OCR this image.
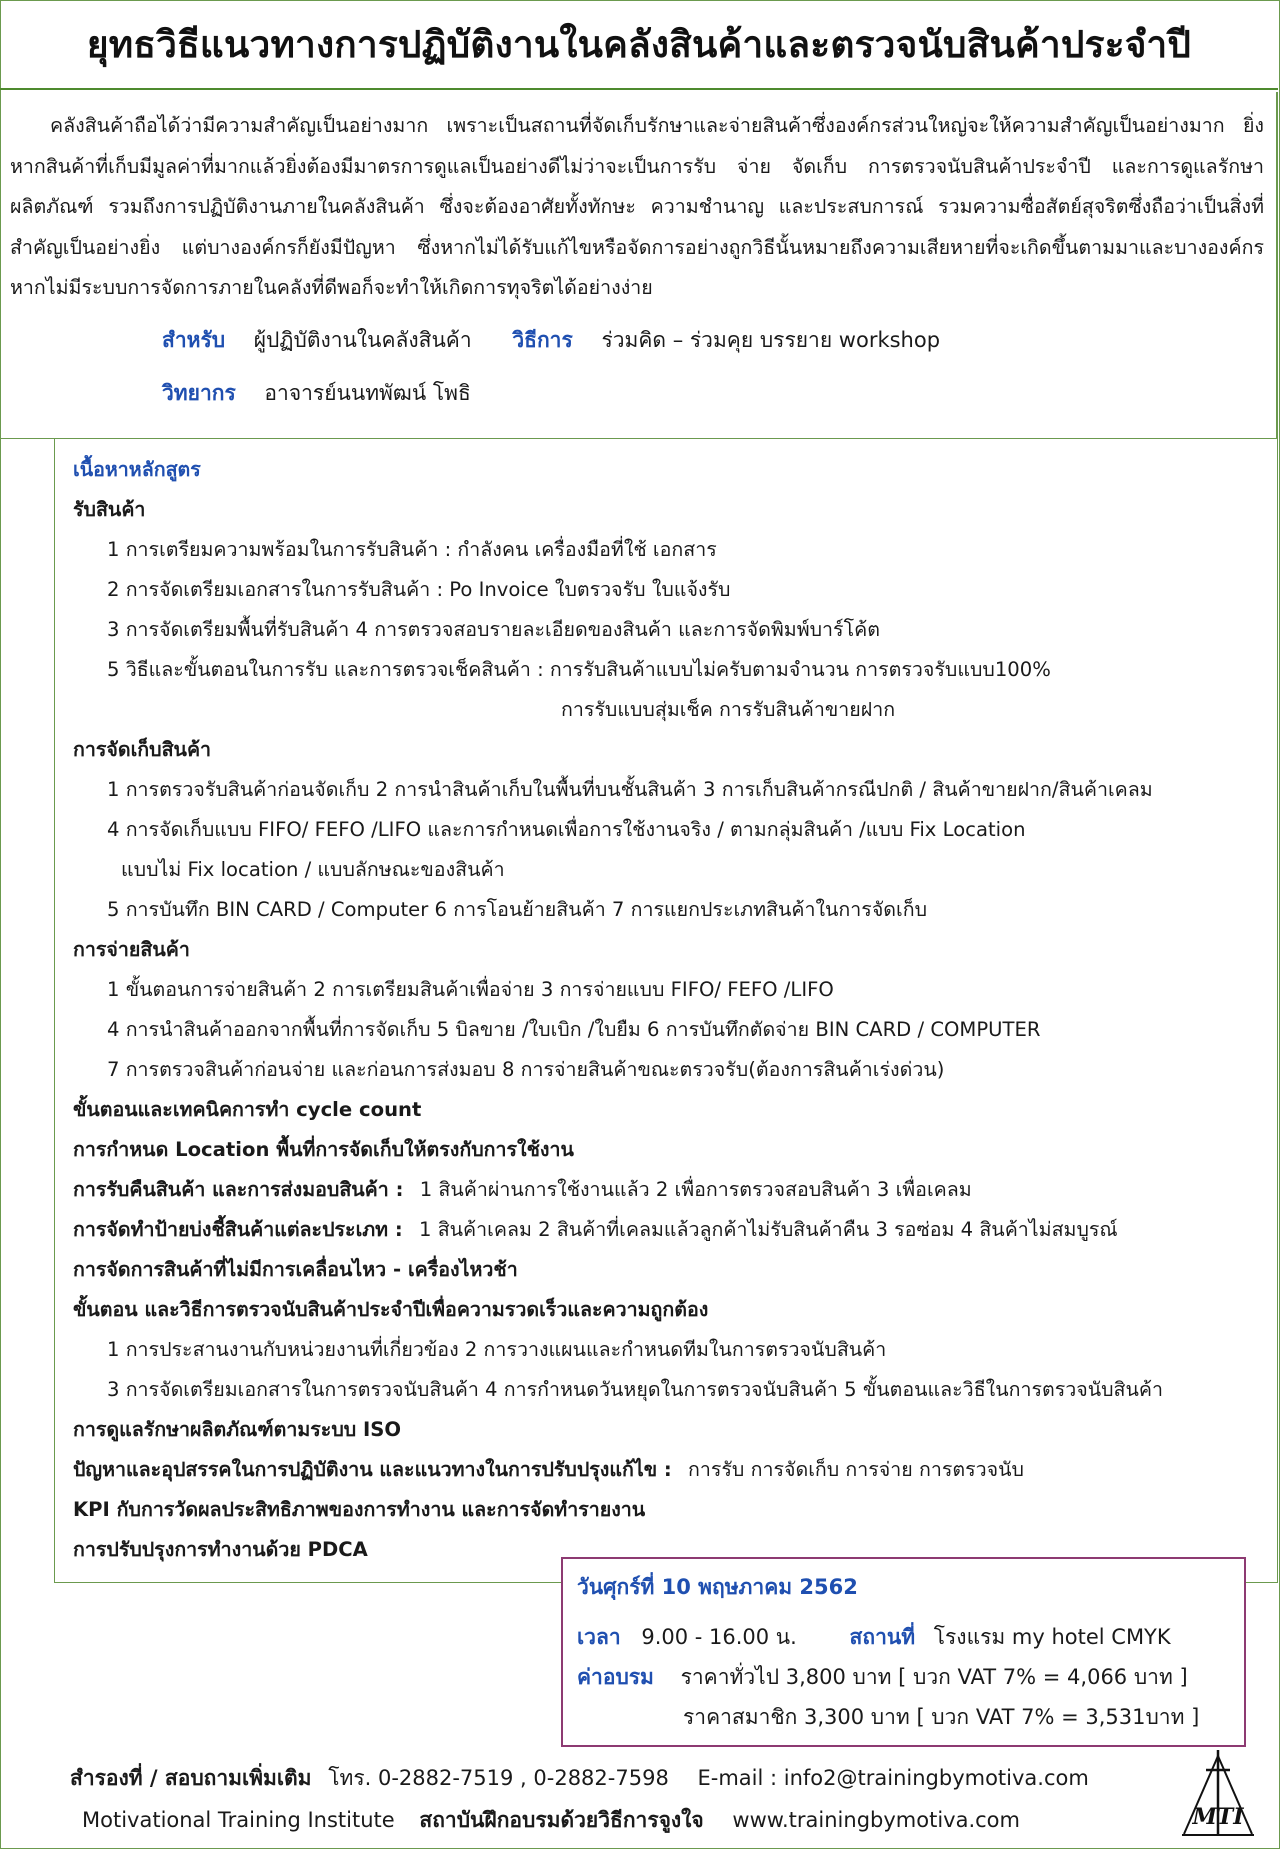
ยุทธวิธีแนวทางการปฏิบัติงานในคลังสินค้าและตรวจนับสินค้าประจำปี

คลังสินค้าถือได้ว่ามีความสำคัญเป็นอย่างมาก เพราะเป็นสถานที่จัดเก็บรักษาและจ่ายสินค้าซึ่งองค์กรส่วนใหญ่จะให้ความสำคัญเป็นอย่างมาก ยิ่งหากสินค้าที่เก็บมีมูลค่าที่มากแล้วยิ่งต้องมีมาตรการดูแลเป็นอย่างดีไม่ว่าจะเป็นการรับ จ่าย จัดเก็บ การตรวจนับสินค้าประจำปี และการดูแลรักษาผลิตภัณฑ์ รวมถึงการปฏิบัติงานภายในคลังสินค้า ซึ่งจะต้องอาศัยทั้งทักษะ ความชำนาญ และประสบการณ์ รวมความซื่อสัตย์สุจริตซึ่งถือว่าเป็นสิ่งที่สำคัญเป็นอย่างยิ่ง แต่บางองค์กรก็ยังมีปัญหา ซึ่งหากไม่ได้รับแก้ไขหรือจัดการอย่างถูกวิธีนั้นหมายถึงความเสียหายที่จะเกิดขึ้นตามมาและบางองค์กรหากไม่มีระบบการจัดการภายในคลังที่ดีพอก็จะทำให้เกิดการทุจริตได้อย่างง่าย

สำหรับ ผู้ปฏิบัติงานในคลังสินค้า วิธีการ ร่วมคิด – ร่วมคุย บรรยาย workshop
วิทยากร อาจารย์นนทพัฒน์ โพธิ
เนื้อหาหลักสูตร
รับสินค้า
1 การเตรียมความพร้อมในการรับสินค้า : กำลังคน เครื่องมือที่ใช้ เอกสาร
2 การจัดเตรียมเอกสารในการรับสินค้า : Po Invoice ใบตรวจรับ ใบแจ้งรับ
3 การจัดเตรียมพื้นที่รับสินค้า 4 การตรวจสอบรายละเอียดของสินค้า และการจัดพิมพ์บาร์โค้ต
5 วิธีและขั้นตอนในการรับ และการตรวจเช็คสินค้า : การรับสินค้าแบบไม่ครับตามจำนวน การตรวจรับแบบ100%
การรับแบบสุ่มเช็ค การรับสินค้าขายฝาก
การจัดเก็บสินค้า
1 การตรวจรับสินค้าก่อนจัดเก็บ 2 การนำสินค้าเก็บในพื้นที่บนชั้นสินค้า 3 การเก็บสินค้ากรณีปกติ / สินค้าขายฝาก/สินค้าเคลม
4 การจัดเก็บแบบ FIFO/ FEFO /LIFO และการกำหนดเพื่อการใช้งานจริง / ตามกลุ่มสินค้า /แบบ Fix Location
แบบไม่ Fix location / แบบลักษณะของสินค้า
5 การบันทึก BIN CARD / Computer 6 การโอนย้ายสินค้า 7 การแยกประเภทสินค้าในการจัดเก็บ
การจ่ายสินค้า
1 ขั้นตอนการจ่ายสินค้า 2 การเตรียมสินค้าเพื่อจ่าย 3 การจ่ายแบบ FIFO/ FEFO /LIFO
4 การนำสินค้าออกจากพื้นที่การจัดเก็บ 5 บิลขาย /ใบเบิก /ใบยืม 6 การบันทึกตัดจ่าย BIN CARD / COMPUTER
7 การตรวจสินค้าก่อนจ่าย และก่อนการส่งมอบ 8 การจ่ายสินค้าขณะตรวจรับ(ต้องการสินค้าเร่งด่วน)
ขั้นตอนและเทคนิคการทำ cycle count
การกำหนด Location พื้นที่การจัดเก็บให้ตรงกับการใช้งาน
การรับคืนสินค้า และการส่งมอบสินค้า : 1 สินค้าผ่านการใช้งานแล้ว 2 เพื่อการตรวจสอบสินค้า 3 เพื่อเคลม
การจัดทำป้ายบ่งชี้สินค้าแต่ละประเภท : 1 สินค้าเคลม 2 สินค้าที่เคลมแล้วลูกค้าไม่รับสินค้าคืน 3 รอซ่อม 4 สินค้าไม่สมบูรณ์
การจัดการสินค้าที่ไม่มีการเคลื่อนไหว - เครื่องไหวช้า
ขั้นตอน และวิธีการตรวจนับสินค้าประจำปีเพื่อความรวดเร็วและความถูกต้อง
1 การประสานงานกับหน่วยงานที่เกี่ยวข้อง 2 การวางแผนและกำหนดทีมในการตรวจนับสินค้า
3 การจัดเตรียมเอกสารในการตรวจนับสินค้า 4 การกำหนดวันหยุดในการตรวจนับสินค้า 5 ขั้นตอนและวิธีในการตรวจนับสินค้า
การดูแลรักษาผลิตภัณฑ์ตามระบบ ISO
ปัญหาและอุปสรรคในการปฏิบัติงาน และแนวทางในการปรับปรุงแก้ไข : การรับ การจัดเก็บ การจ่าย การตรวจนับ
KPI กับการวัดผลประสิทธิภาพของการทำงาน และการจัดทำรายงาน
การปรับปรุงการทำงานด้วย PDCA
วันศุกร์ที่ 10 พฤษภาคม 2562
เวลา 9.00 - 16.00 น.	สถานที่ โรงแรม my hotel CMYK
ค่าอบรม ราคาทั่วไป 3,800 บาท [ บวก VAT 7% = 4,066 บาท ]
ราคาสมาชิก 3,300 บาท [ บวก VAT 7% = 3,531บาท ]
สำรองที่ / สอบถามเพิ่มเติม โทร. 0-2882-7519 , 0-2882-7598 E-mail : info2@trainingbymotiva.com
Motivational Training Institute สถาบันฝึกอบรมด้วยวิธีการจูงใจ www.trainingbymotiva.com	MTI
